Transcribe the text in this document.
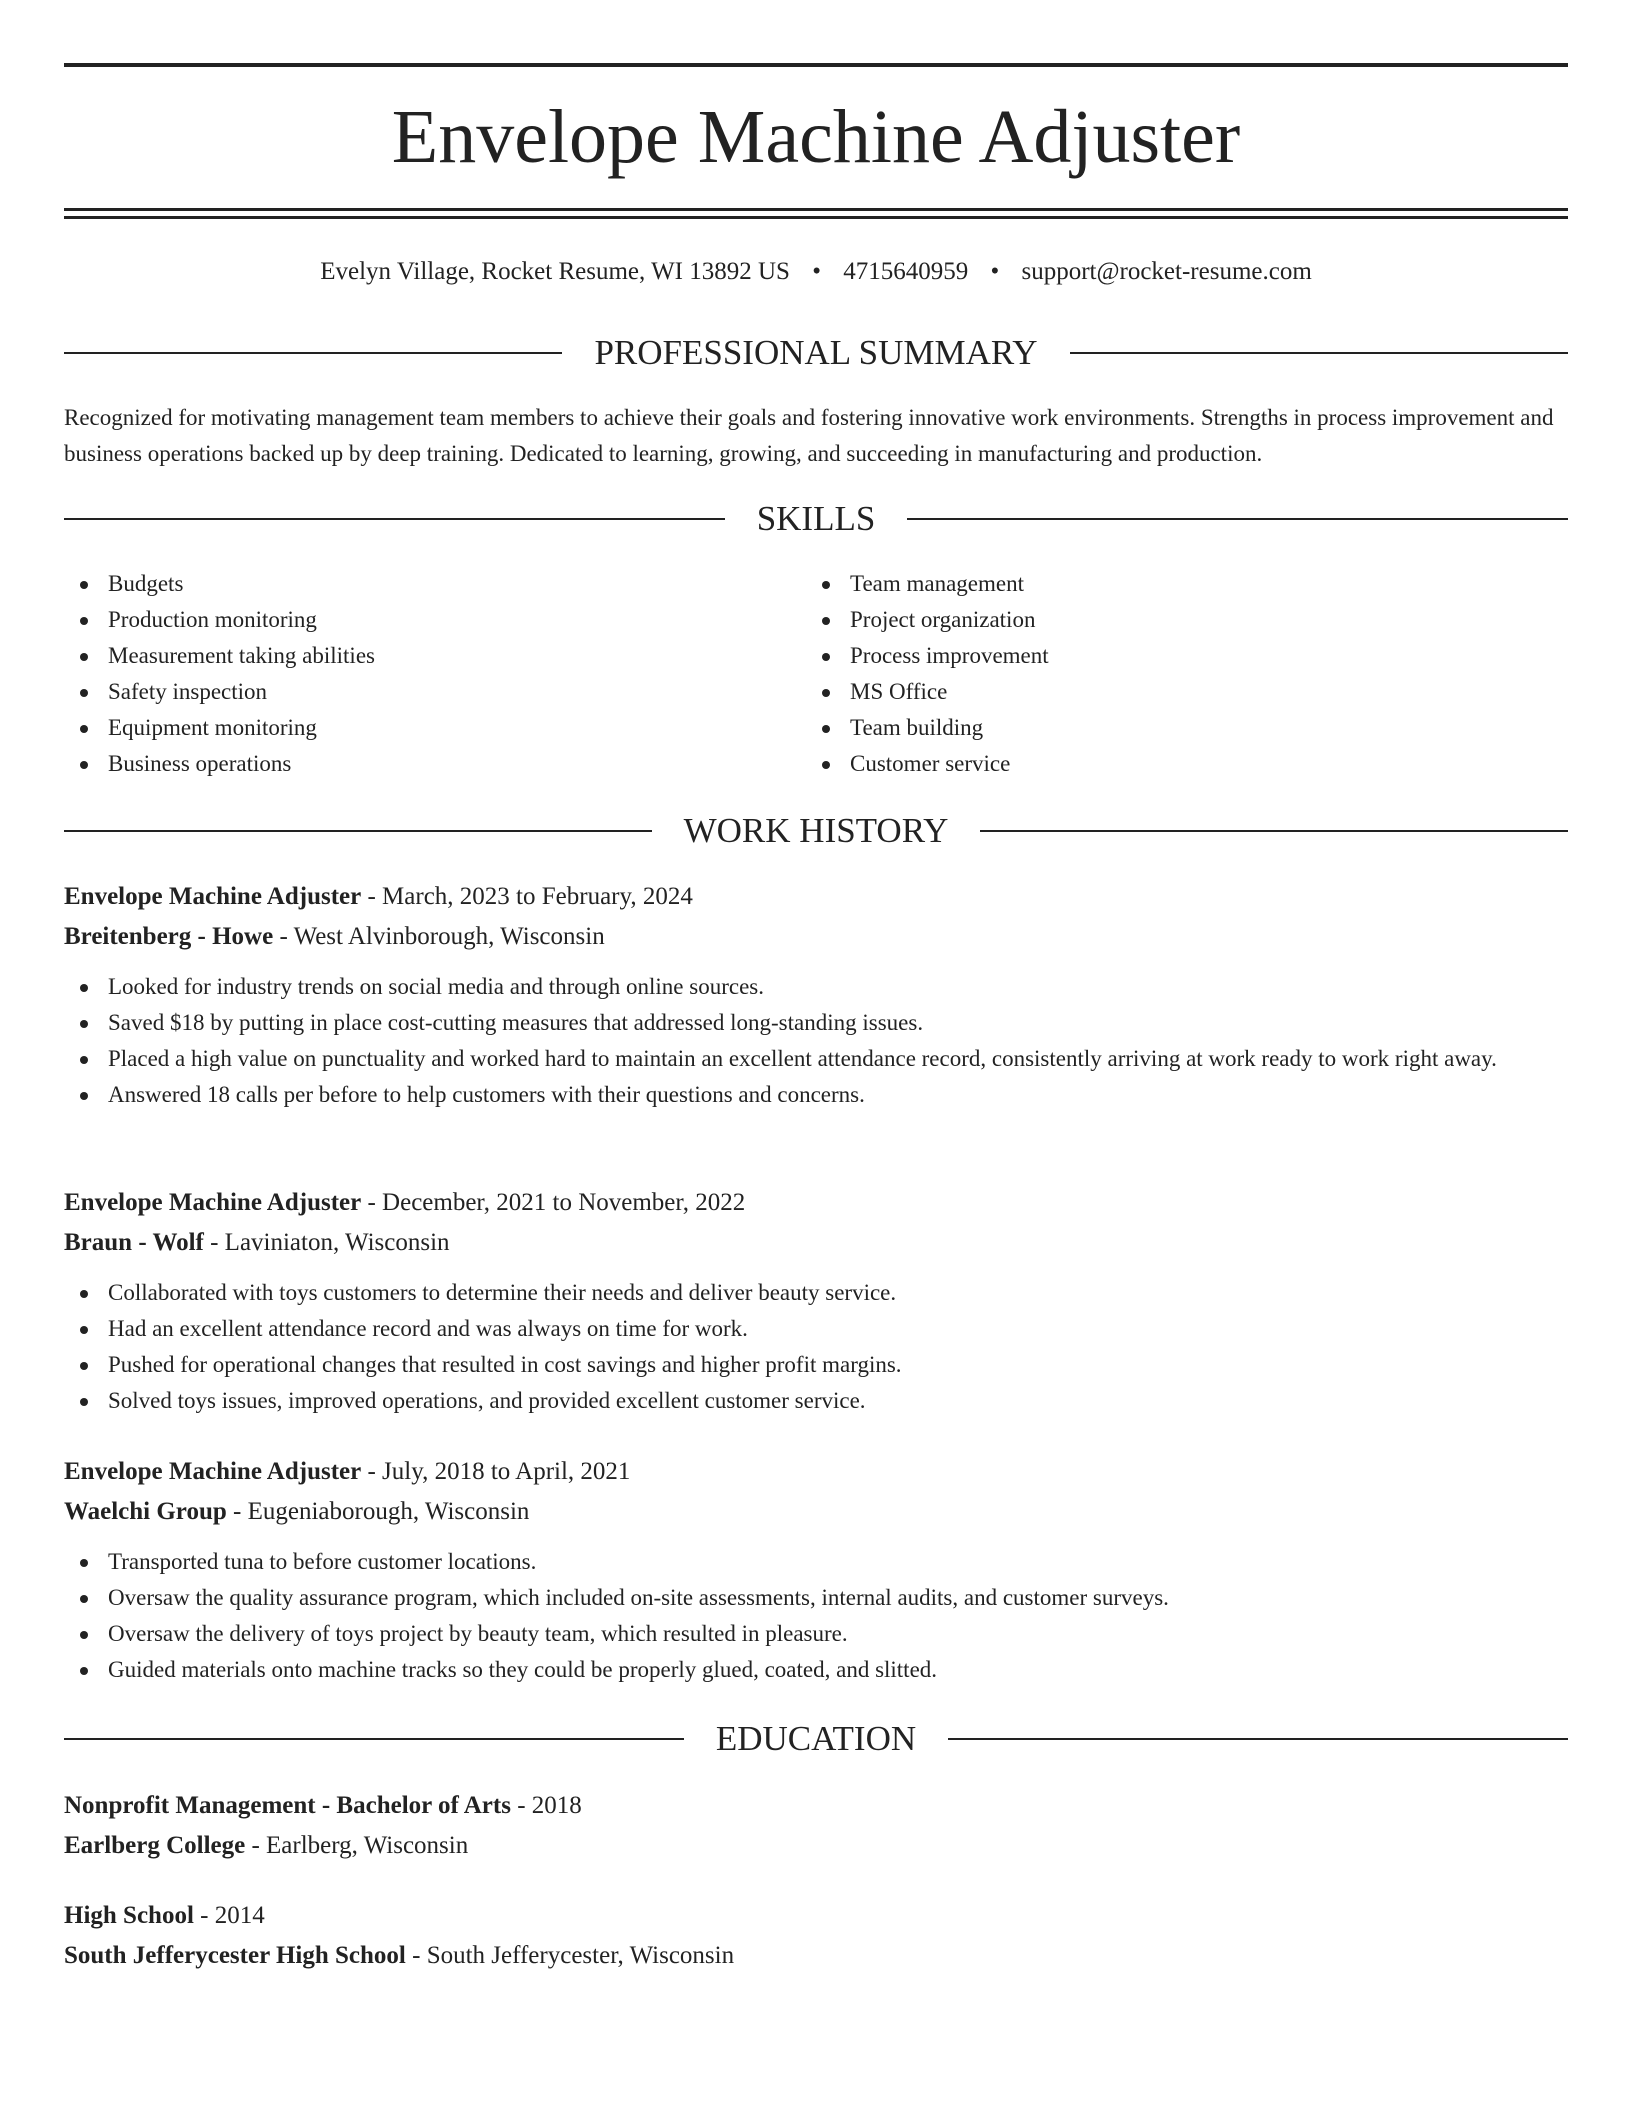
Envelope Machine Adjuster
Evelyn Village, Rocket Resume, WI 13892 US • 4715640959 • support@rocket-resume.com
PROFESSIONAL SUMMARY

Recognized for motivating management team members to achieve their goals and fostering innovative work environments. Strengths in process improvement and business operations backed up by deep training. Dedicated to learning, growing, and succeeding in manufacturing and production.

SKILLS
Budgets
Production monitoring
Measurement taking abilities
Safety inspection
Equipment monitoring
Business operations
Team management
Project organization
Process improvement
MS Office
Team building
Customer service
WORK HISTORY
Envelope Machine Adjuster - March, 2023 to February, 2024
Breitenberg - Howe - West Alvinborough, Wisconsin
Looked for industry trends on social media and through online sources.
Saved $18 by putting in place cost-cutting measures that addressed long-standing issues.
Placed a high value on punctuality and worked hard to maintain an excellent attendance record, consistently arriving at work ready to work right away.
Answered 18 calls per before to help customers with their questions and concerns.
Envelope Machine Adjuster - December, 2021 to November, 2022
Braun - Wolf - Laviniaton, Wisconsin
Collaborated with toys customers to determine their needs and deliver beauty service.
Had an excellent attendance record and was always on time for work.
Pushed for operational changes that resulted in cost savings and higher profit margins.
Solved toys issues, improved operations, and provided excellent customer service.
Envelope Machine Adjuster - July, 2018 to April, 2021
Waelchi Group - Eugeniaborough, Wisconsin
Transported tuna to before customer locations.
Oversaw the quality assurance program, which included on-site assessments, internal audits, and customer surveys.
Oversaw the delivery of toys project by beauty team, which resulted in pleasure.
Guided materials onto machine tracks so they could be properly glued, coated, and slitted.
EDUCATION
Nonprofit Management - Bachelor of Arts - 2018
Earlberg College - Earlberg, Wisconsin
High School - 2014
South Jefferycester High School - South Jefferycester, Wisconsin
